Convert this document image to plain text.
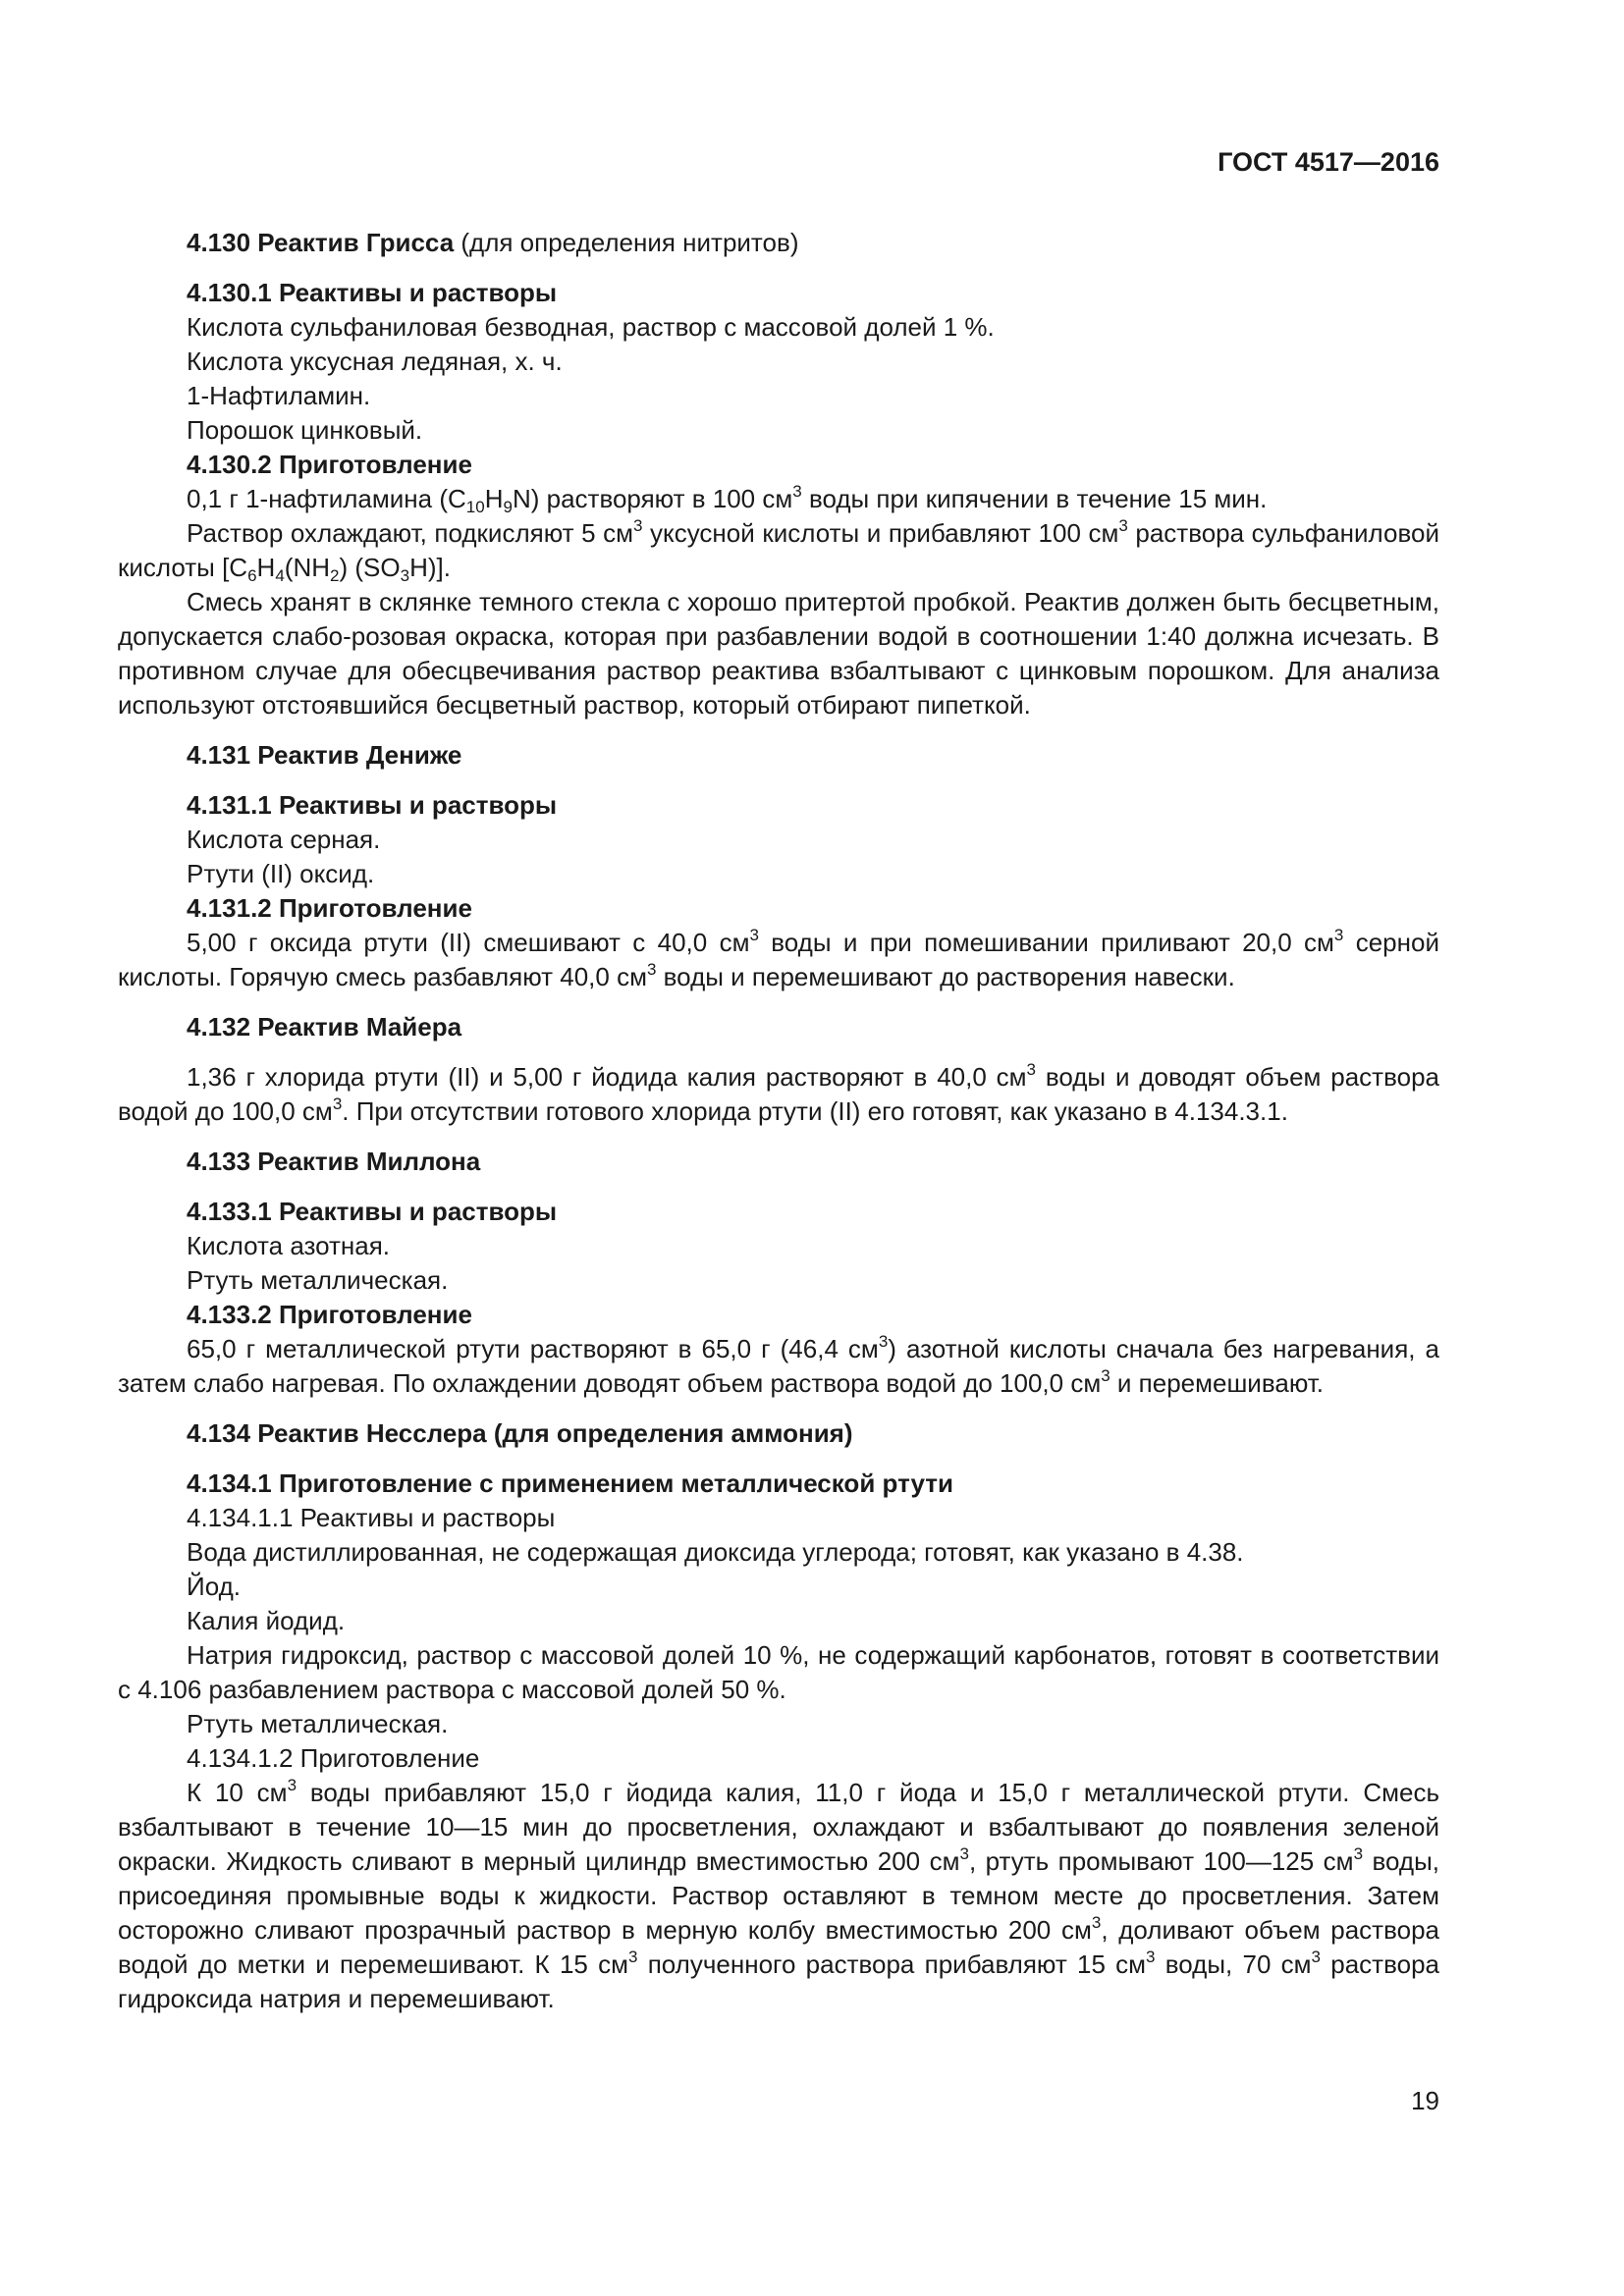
ГОСТ 4517—2016

4.130 Реактив Грисса (для определения нитритов)

4.130.1 Реактивы и растворы

Кислота сульфаниловая безводная, раствор с массовой долей 1 %.

Кислота уксусная ледяная, х. ч.

1-Нафтиламин.

Порошок цинковый.

4.130.2 Приготовление

0,1 г 1-нафтиламина $(C_{10}H_9N)$ растворяют в 100 $см^3$ воды при кипячении в течение 15 мин.

Раствор охлаждают, подкисляют 5 $см^3$ уксусной кислоты и прибавляют 100 $см^3$ раствора сульфаниловой кислоты [$C_6H_4(NH_2)$ $(SO_3H)$].

Смесь хранят в склянке темного стекла с хорошо притертой пробкой. Реактив должен быть бесцветным, допускается слабо-розовая окраска, которая при разбавлении водой в соотношении 1:40 должна исчезать. В противном случае для обесцвечивания раствор реактива взбалтывают с цинковым порошком. Для анализа используют отстоявшийся бесцветный раствор, который отбирают пипеткой.

4.131 Реактив Дениже

4.131.1 Реактивы и растворы

Кислота серная.

Ртути (II) оксид.

4.131.2 Приготовление

5,00 г оксида ртути (II) смешивают с 40,0 $см^3$ воды и при помешивании приливают 20,0 $см^3$ серной кислоты. Горячую смесь разбавляют 40,0 $см^3$ воды и перемешивают до растворения навески.

4.132 Реактив Майера

1,36 г хлорида ртути (II) и 5,00 г йодида калия растворяют в 40,0 $см^3$ воды и доводят объем раствора водой до 100,0 $см^3$. При отсутствии готового хлорида ртути (II) его готовят, как указано в 4.134.3.1.

4.133 Реактив Миллона

4.133.1 Реактивы и растворы

Кислота азотная.

Ртуть металлическая.

4.133.2 Приготовление

65,0 г металлической ртути растворяют в 65,0 г (46,4 $см^3$) азотной кислоты сначала без нагревания, а затем слабо нагревая. По охлаждении доводят объем раствора водой до 100,0 $см^3$ и перемешивают.

4.134 Реактив Несслера (для определения аммония)

4.134.1 Приготовление с применением металлической ртути

4.134.1.1 Реактивы и растворы

Вода дистиллированная, не содержащая диоксида углерода; готовят, как указано в 4.38.

Йод.

Калия йодид.

Натрия гидроксид, раствор с массовой долей 10 %, не содержащий карбонатов, готовят в соответствии с 4.106 разбавлением раствора с массовой долей 50 %.

Ртуть металлическая.

4.134.1.2 Приготовление

К 10 $см^3$ воды прибавляют 15,0 г йодида калия, 11,0 г йода и 15,0 г металлической ртути. Смесь взбалтывают в течение 10—15 мин до просветления, охлаждают и взбалтывают до появления зеленой окраски. Жидкость сливают в мерный цилиндр вместимостью 200 $см^3$, ртуть промывают 100—125 $см^3$ воды, присоединяя промывные воды к жидкости. Раствор оставляют в темном месте до просветления. Затем осторожно сливают прозрачный раствор в мерную колбу вместимостью 200 $см^3$, доливают объем раствора водой до метки и перемешивают. К 15 $см^3$ полученного раствора прибавляют 15 $см^3$ воды, 70 $см^3$ раствора гидроксида натрия и перемешивают.

19
